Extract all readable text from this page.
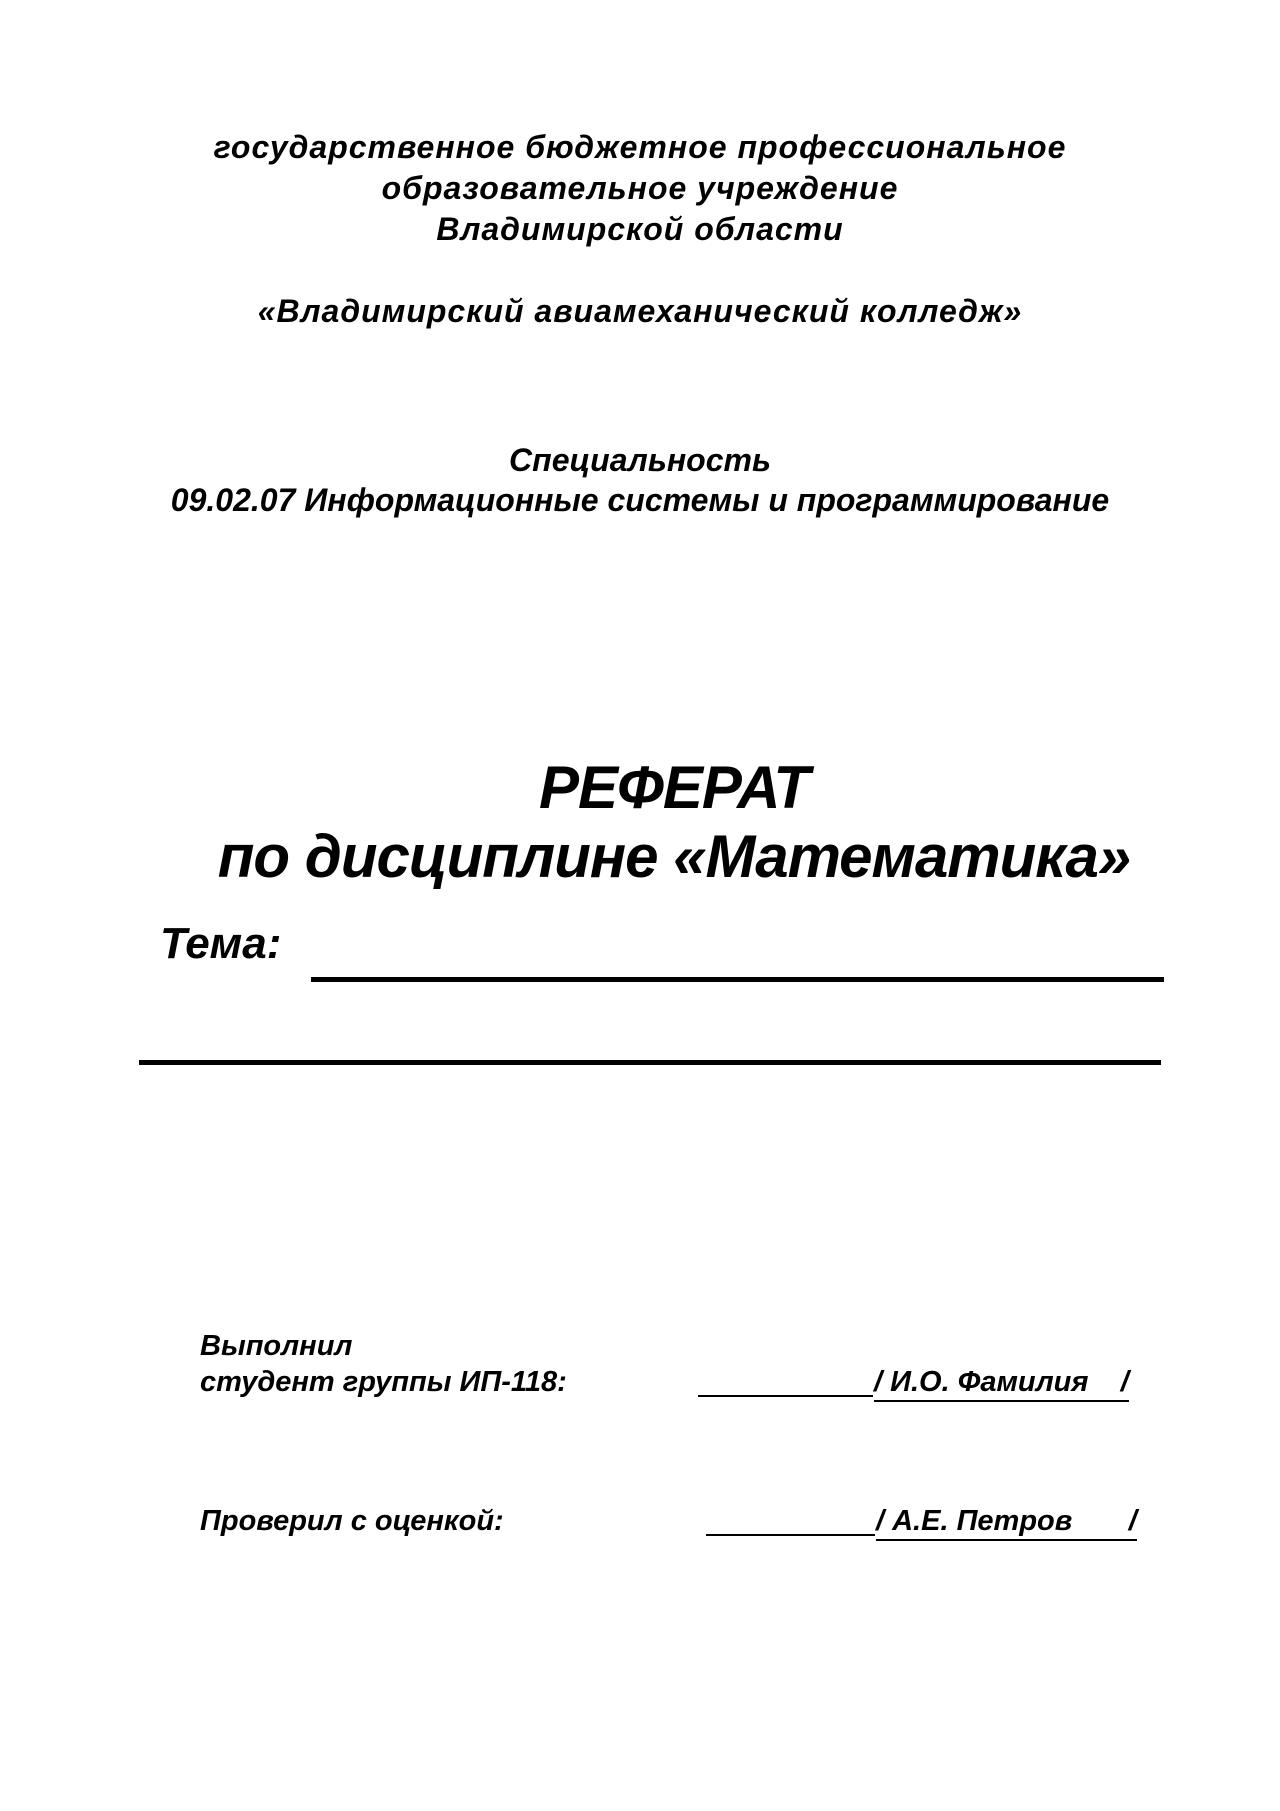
государственное бюджетное профессиональное
образовательное учреждение
Владимирской области
«Владимирский авиамеханический колледж»
Специальность
09.02.07 Информационные системы и программирование
РЕФЕРАТ
по дисциплине «Математика»
Тема:
Выполнил
студент группы ИП-118:	/ И.О. Фамилия    /
Проверил с оценкой:	/ А.Е. Петров       /
